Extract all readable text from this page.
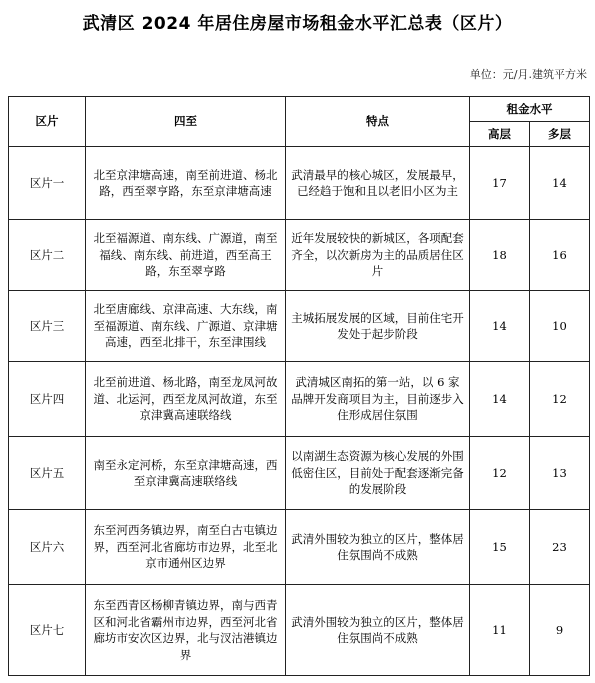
武清区 2024 年居住房屋市场租金水平汇总表（区片）
单位：元/月.建筑平方米
区片	四至	特点	租金水平	
			高层	多层
区片一	北至京津塘高速，南至前进道、杨北路，西至翠亨路，东至京津塘高速	武清最早的核心城区，发展最早，已经趋于饱和且以老旧小区为主	17	14
区片二	北至福源道、南东线、广源道，南至福线、南东线、前进道，西至高王路，东至翠亨路	近年发展较快的新城区，各项配套齐全，以次新房为主的品质居住区片	18	16
区片三	北至唐廊线、京津高速、大东线，南至福源道、南东线、广源道、京津塘高速，西至北排干，东至津围线	主城拓展发展的区域，目前住宅开发处于起步阶段	14	10
区片四	北至前进道、杨北路，南至龙凤河故道、北运河，西至龙凤河故道，东至京津冀高速联络线	武清城区南拓的第一站，以 6 家品牌开发商项目为主，目前逐步入住形成居住氛围	14	12
区片五	南至永定河桥，东至京津塘高速，西至京津冀高速联络线	以南湖生态资源为核心发展的外围低密住区，目前处于配套逐渐完备的发展阶段	12	13
区片六	东至河西务镇边界，南至白古屯镇边界，西至河北省廊坊市边界，北至北京市通州区边界	武清外围较为独立的区片，整体居住氛围尚不成熟	15	23
区片七	东至西青区杨柳青镇边界，南与西青区和河北省霸州市边界，西至河北省廊坊市安次区边界，北与汊沽港镇边界	武清外围较为独立的区片，整体居住氛围尚不成熟	11	9
